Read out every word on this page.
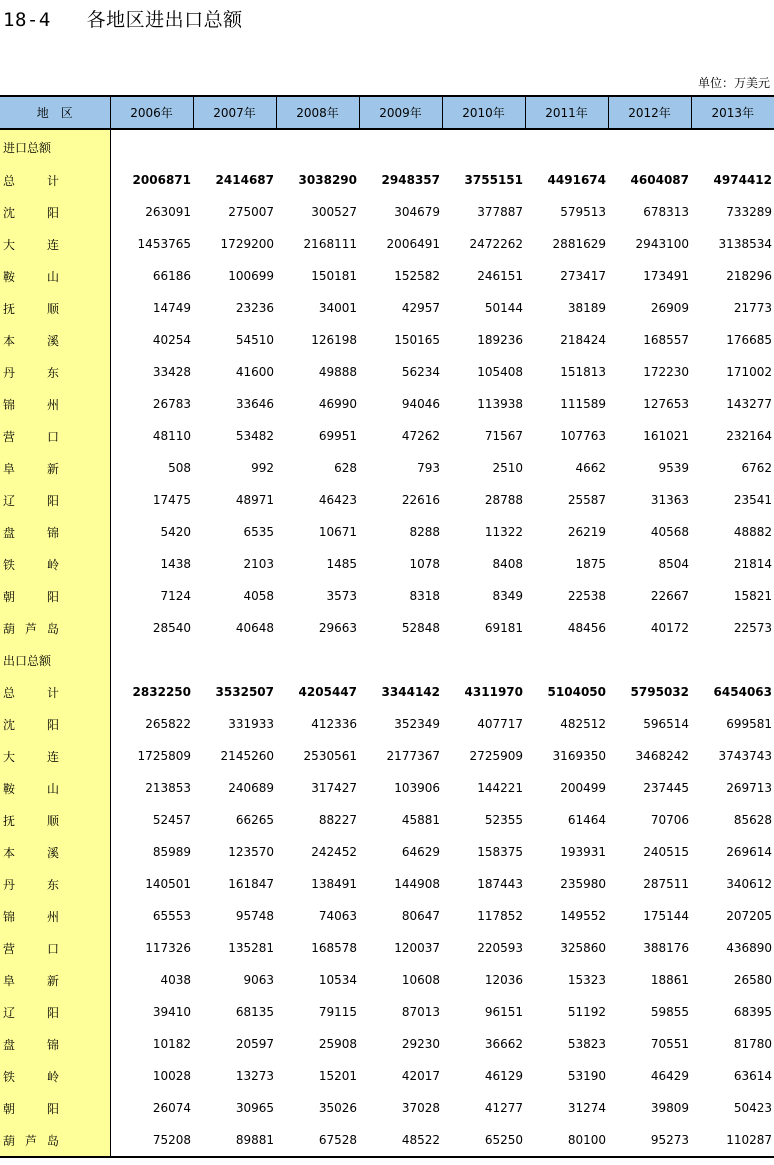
18-4   各地区进出口总额
单位：万美元
地区	2006年	2007年	2008年	2009年	2010年	2011年	2012年	2013年
进口总额								

总 计	2006871	2414687	3038290	2948357	3755151	4491674	4604087	4974412

沈 阳	263091	275007	300527	304679	377887	579513	678313	733289

大 连	1453765	1729200	2168111	2006491	2472262	2881629	2943100	3138534

鞍 山	66186	100699	150181	152582	246151	273417	173491	218296

抚 顺	14749	23236	34001	42957	50144	38189	26909	21773

本 溪	40254	54510	126198	150165	189236	218424	168557	176685

丹 东	33428	41600	49888	56234	105408	151813	172230	171002

锦 州	26783	33646	46990	94046	113938	111589	127653	143277

营 口	48110	53482	69951	47262	71567	107763	161021	232164

阜 新	508	992	628	793	2510	4662	9539	6762

辽 阳	17475	48971	46423	22616	28788	25587	31363	23541

盘 锦	5420	6535	10671	8288	11322	26219	40568	48882

铁 岭	1438	2103	1485	1078	8408	1875	8504	21814

朝 阳	7124	4058	3573	8318	8349	22538	22667	15821

葫 芦 岛	28540	40648	29663	52848	69181	48456	40172	22573
出口总额								

总 计	2832250	3532507	4205447	3344142	4311970	5104050	5795032	6454063

沈 阳	265822	331933	412336	352349	407717	482512	596514	699581

大 连	1725809	2145260	2530561	2177367	2725909	3169350	3468242	3743743

鞍 山	213853	240689	317427	103906	144221	200499	237445	269713

抚 顺	52457	66265	88227	45881	52355	61464	70706	85628

本 溪	85989	123570	242452	64629	158375	193931	240515	269614

丹 东	140501	161847	138491	144908	187443	235980	287511	340612

锦 州	65553	95748	74063	80647	117852	149552	175144	207205

营 口	117326	135281	168578	120037	220593	325860	388176	436890

阜 新	4038	9063	10534	10608	12036	15323	18861	26580

辽 阳	39410	68135	79115	87013	96151	51192	59855	68395

盘 锦	10182	20597	25908	29230	36662	53823	70551	81780

铁 岭	10028	13273	15201	42017	46129	53190	46429	63614

朝 阳	26074	30965	35026	37028	41277	31274	39809	50423

葫 芦 岛	75208	89881	67528	48522	65250	80100	95273	110287
